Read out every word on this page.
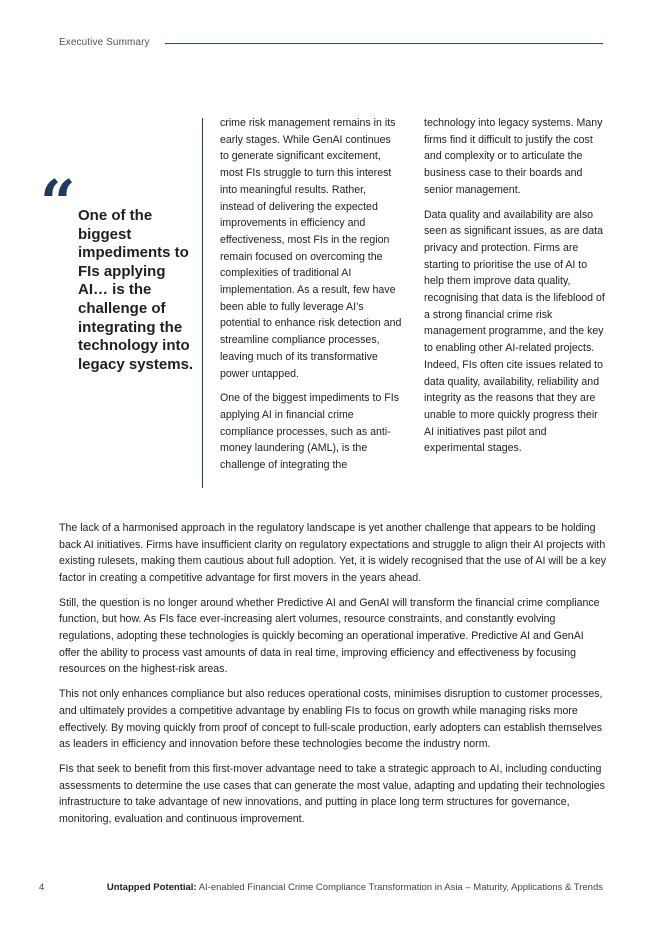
Executive Summary
“ One of the biggest impediments to FIs applying AI… is the challenge of integrating the technology into legacy systems.

crime risk management remains in its early stages. While GenAI continues to generate significant excitement, most FIs struggle to turn this interest into meaningful results. Rather, instead of delivering the expected improvements in efficiency and effectiveness, most FIs in the region remain focused on overcoming the complexities of traditional AI implementation. As a result, few have been able to fully leverage AI’s potential to enhance risk detection and streamline compliance processes, leaving much of its transformative power untapped.

One of the biggest impediments to FIs applying AI in financial crime compliance processes, such as anti-money laundering (AML), is the challenge of integrating the

technology into legacy systems. Many firms find it difficult to justify the cost and complexity or to articulate the business case to their boards and senior management.

Data quality and availability are also seen as significant issues, as are data privacy and protection. Firms are starting to prioritise the use of AI to help them improve data quality, recognising that data is the lifeblood of a strong financial crime risk management programme, and the key to enabling other AI-related projects. Indeed, FIs often cite issues related to data quality, availability, reliability and integrity as the reasons that they are unable to more quickly progress their AI initiatives past pilot and experimental stages.

The lack of a harmonised approach in the regulatory landscape is yet another challenge that appears to be holding back AI initiatives. Firms have insufficient clarity on regulatory expectations and struggle to align their AI projects with existing rulesets, making them cautious about full adoption. Yet, it is widely recognised that the use of AI will be a key factor in creating a competitive advantage for first movers in the years ahead.

Still, the question is no longer around whether Predictive AI and GenAI will transform the financial crime compliance function, but how. As FIs face ever-increasing alert volumes, resource constraints, and constantly evolving regulations, adopting these technologies is quickly becoming an operational imperative. Predictive AI and GenAI offer the ability to process vast amounts of data in real time, improving efficiency and effectiveness by focusing resources on the highest-risk areas.

This not only enhances compliance but also reduces operational costs, minimises disruption to customer processes, and ultimately provides a competitive advantage by enabling FIs to focus on growth while managing risks more effectively. By moving quickly from proof of concept to full-scale production, early adopters can establish themselves as leaders in efficiency and innovation before these technologies become the industry norm.

FIs that seek to benefit from this first-mover advantage need to take a strategic approach to AI, including conducting assessments to determine the use cases that can generate the most value, adapting and updating their technologies infrastructure to take advantage of new innovations, and putting in place long term structures for governance, monitoring, evaluation and continuous improvement.

4	Untapped Potential: AI-enabled Financial Crime Compliance Transformation in Asia – Maturity, Applications & Trends
